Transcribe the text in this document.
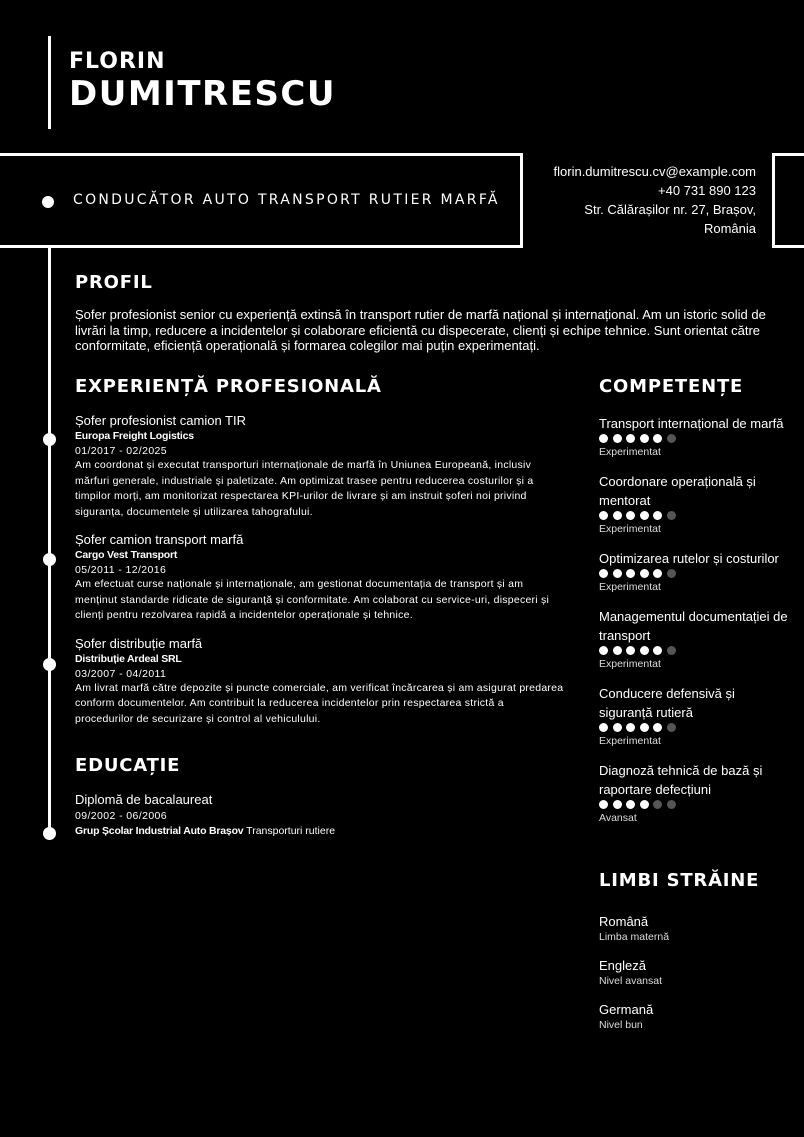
FLORIN
DUMITRESCU
CONDUCĂTOR AUTO TRANSPORT RUTIER MARFĂ
florin.dumitrescu.cv@example.com
+40 731 890 123
Str. Călărașilor nr. 27, Brașov,
România
PROFIL

Șofer profesionist senior cu experiență extinsă în transport rutier de marfă național și internațional. Am un istoric solid de livrări la timp, reducere a incidentelor și colaborare eficientă cu dispecerate, clienți și echipe tehnice. Sunt orientat către conformitate, eficiență operațională și formarea colegilor mai puțin experimentați.

EXPERIENȚĂ PROFESIONALĂ
Șofer profesionist camion TIR
Europa Freight Logistics
01/2017 - 02/2025
Am coordonat și executat transporturi internaționale de marfă în Uniunea Europeană, inclusiv mărfuri generale, industriale și paletizate. Am optimizat trasee pentru reducerea costurilor și a timpilor morți, am monitorizat respectarea KPI-urilor de livrare și am instruit șoferi noi privind siguranța, documentele și utilizarea tahografului.
Șofer camion transport marfă
Cargo Vest Transport
05/2011 - 12/2016
Am efectuat curse naționale și internaționale, am gestionat documentația de transport și am menținut standarde ridicate de siguranță și conformitate. Am colaborat cu service-uri, dispeceri și clienți pentru rezolvarea rapidă a incidentelor operaționale și tehnice.
Șofer distribuție marfă
Distribuție Ardeal SRL
03/2007 - 04/2011
Am livrat marfă către depozite și puncte comerciale, am verificat încărcarea și am asigurat predarea conform documentelor. Am contribuit la reducerea incidentelor prin respectarea strictă a procedurilor de securizare și control al vehiculului.
EDUCAȚIE
Diplomă de bacalaureat
09/2002 - 06/2006
Grup Școlar Industrial Auto Brașov Transporturi rutiere
COMPETENȚE
Transport internațional de marfă
Experimentat
Coordonare operațională și mentorat
Experimentat
Optimizarea rutelor și costurilor
Experimentat
Managementul documentației de transport
Experimentat
Conducere defensivă și siguranță rutieră
Experimentat
Diagnoză tehnică de bază și raportare defecțiuni
Avansat
LIMBI STRĂINE
Română
Limba maternă
Engleză
Nivel avansat
Germană
Nivel bun
